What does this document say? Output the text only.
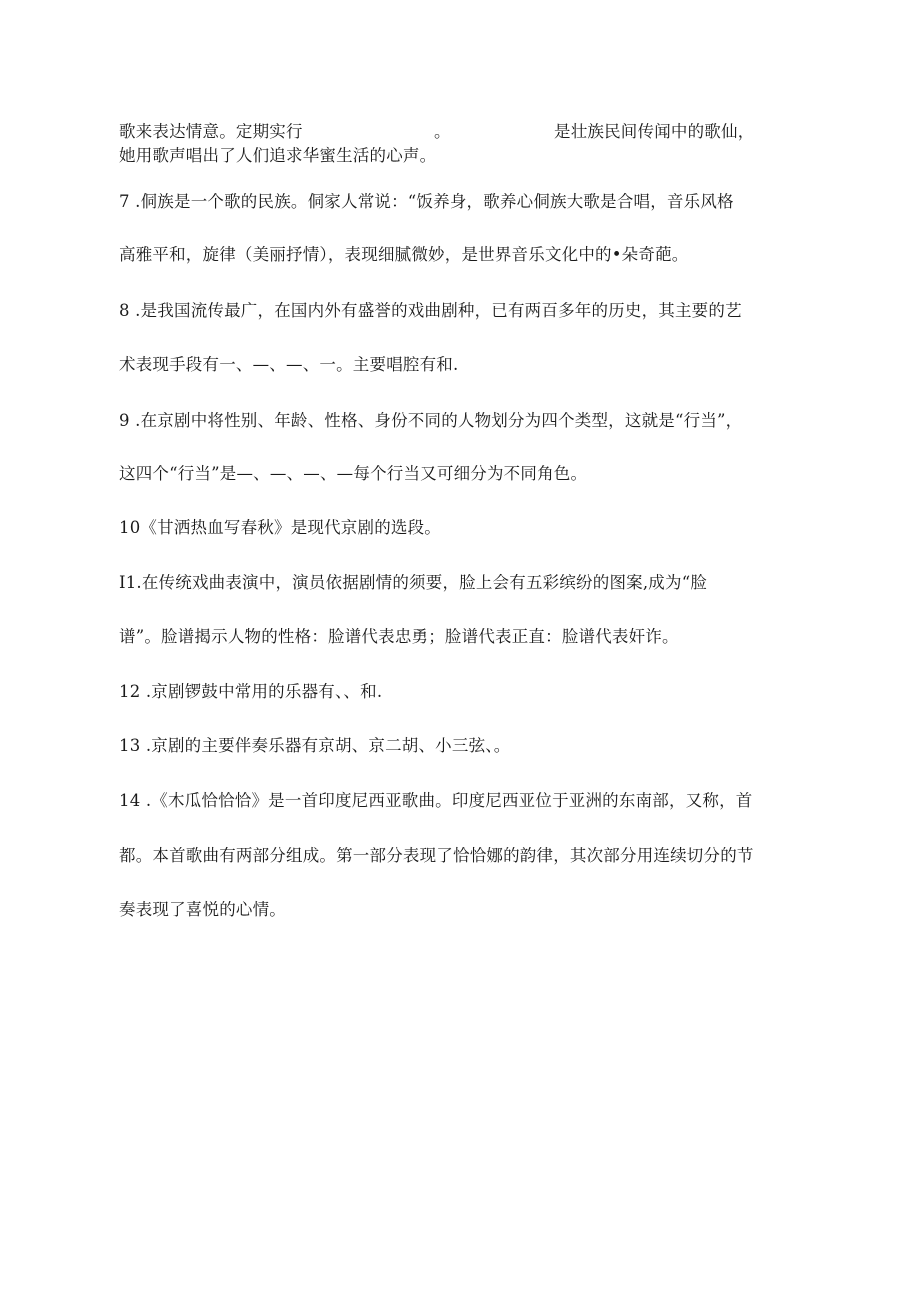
歌来表达情意。定期实行	。	是壮族民间传闻中的歌仙，
她用歌声唱出了人们追求华蜜生活的心声。
7 .侗族是一个歌的民族。侗家人常说：“饭养身，歌养心侗族大歌是合唱，音乐风格
高雅平和，旋律（美丽抒情），表现细腻微妙，是世界音乐文化中的•朵奇葩。
8 .是我国流传最广，在国内外有盛誉的戏曲剧种，已有两百多年的历史，其主要的艺
术表现手段有一、—、—、一。主要唱腔有和.
9 .在京剧中将性别、年龄、性格、身份不同的人物划分为四个类型，这就是“行当”，
这四个“行当”是—、—、—、—每个行当又可细分为不同角色。
10《甘洒热血写春秋》是现代京剧的选段。
I1.在传统戏曲表演中，演员依据剧情的须要，脸上会有五彩缤纷的图案,成为“脸
谱”。脸谱揭示人物的性格：脸谱代表忠勇；脸谱代表正直：脸谱代表奸诈。
12 .京剧锣鼓中常用的乐器有、、和.
13 .京剧的主要伴奏乐器有京胡、京二胡、小三弦、。
14 .《木瓜恰恰恰》是一首印度尼西亚歌曲。印度尼西亚位于亚洲的东南部，又称，首
都。本首歌曲有两部分组成。第一部分表现了恰恰娜的韵律，其次部分用连续切分的节
奏表现了喜悦的心情。
